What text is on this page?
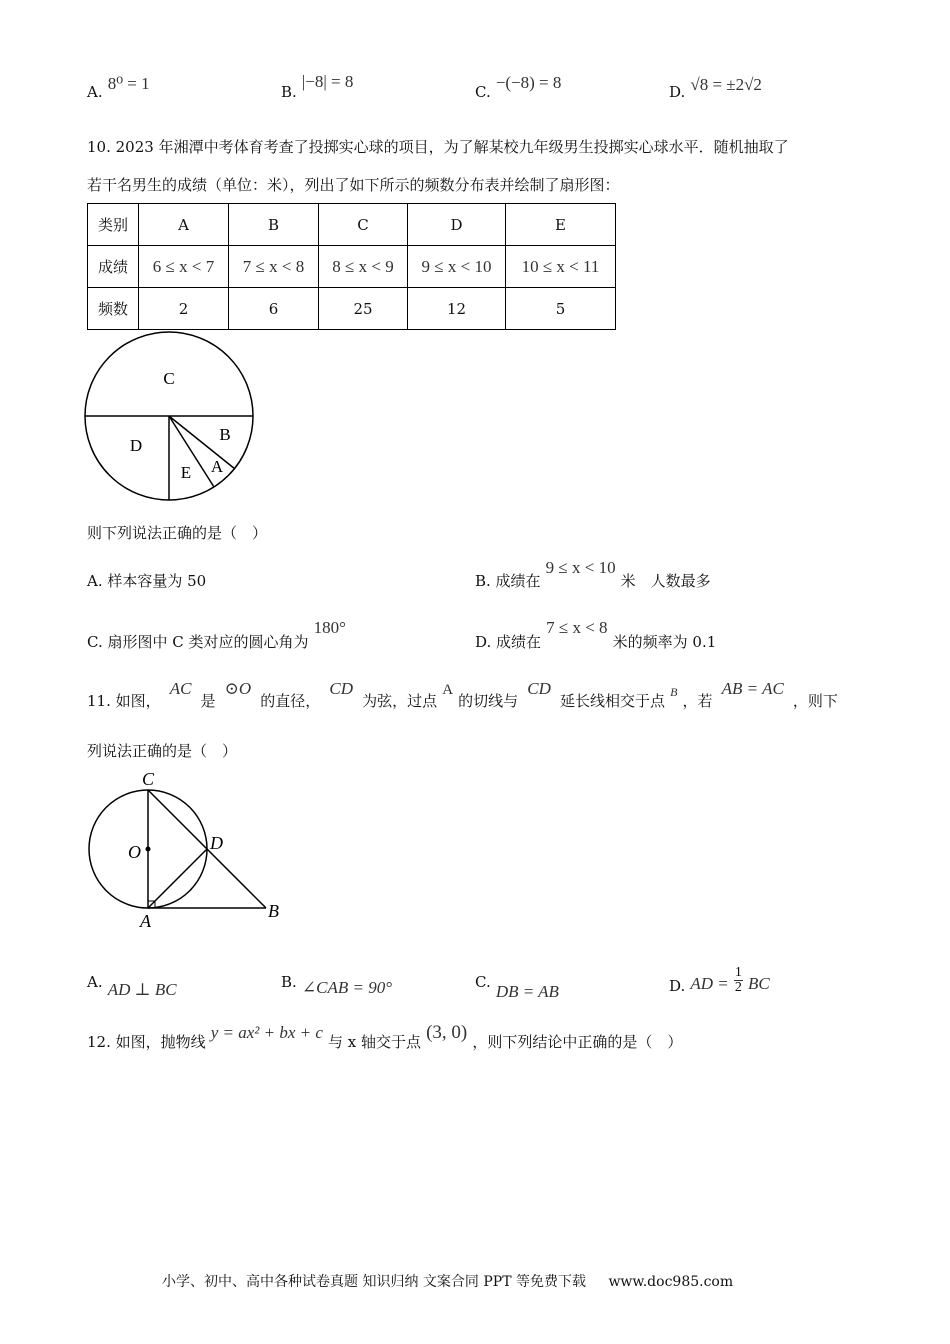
A. 8⁰ = 1	B. |−8| = 8
C. −(−8) = 8	D. √8 = ±2√2
10. 2023 年湘潭中考体育考查了投掷实心球的项目，为了解某校九年级男生投掷实心球水平．随机抽取了
若干名男生的成绩（单位：米），列出了如下所示的频数分布表并绘制了扇形图：
类别	A	B	C	D	E
成绩	6 ≤ x < 7	7 ≤ x < 8	8 ≤ x < 9	9 ≤ x < 10	10 ≤ x < 11
频数	2	6	25	12	5
C
D
B
E A
则下列说法正确的是（　）
A. 样本容量为 50	B. 成绩在 9 ≤ x < 10 米　人数最多
C. 扇形图中 C 类对应的圆心角为 180°
D. 成绩在 7 ≤ x < 8 米的频率为 0.1
11. 如图， AC 是 ⊙O 的直径， CD 为弦，过点 A 的切线与 CD 延长线相交于点 $^B$ ，若 AB = AC ，则下
列说法正确的是（　）
C
O	D
A	B
A. AD ⊥ BC	B. ∠CAB = 90°	C. DB = AB	D. AD = $\frac{1}{2}$ BC
12. 如图，抛物线 y = ax² + bx + c 与 x 轴交于点 (3, 0) ，则下列结论中正确的是（　）
小学、初中、高中各种试卷真题 知识归纳 文案合同 PPT 等免费下载 www.doc985.com
